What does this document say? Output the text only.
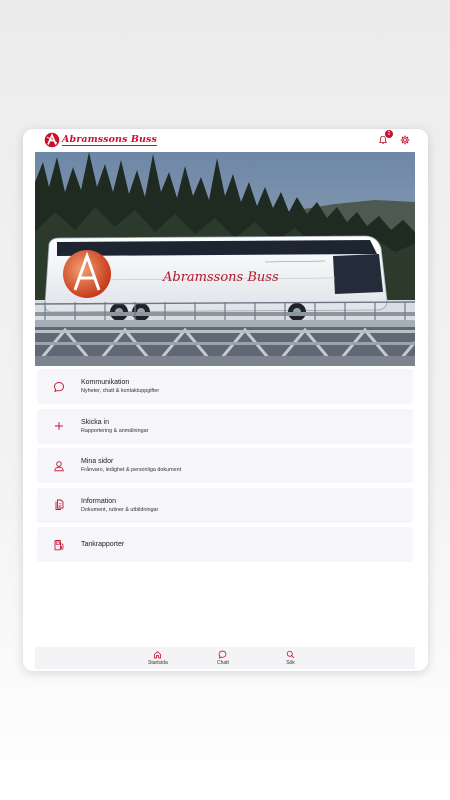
Abramssons Buss	2
Abramssons Buss
Kommunikation
Nyheter, chatt & kontaktuppgifter
Skicka in
Rapportering & anmälningar
Mina sidor
Frånvaro, ledighet & personliga dokument
Information
Dokument, rutiner & utbildningar
Tankrapporter
Startsida	Chatt	Sök
